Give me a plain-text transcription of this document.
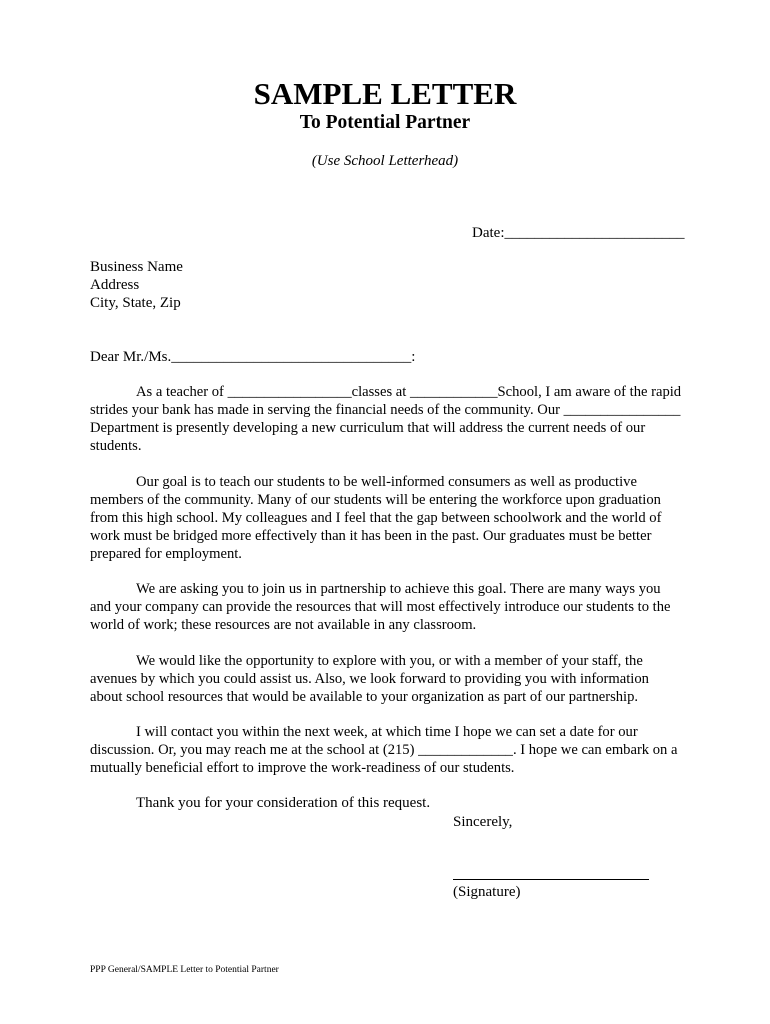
SAMPLE LETTER
To Potential Partner
(Use School Letterhead)
Date:________________________
Business Name
Address
City, State, Zip
Dear Mr./Ms.________________________________:

As a teacher of _________________classes at ____________School, I am aware of the rapid strides your bank has made in serving the financial needs of the community. Our ________________ Department is presently developing a new curriculum that will address the current needs of our students.

Our goal is to teach our students to be well-informed consumers as well as productive members of the community. Many of our students will be entering the workforce upon graduation from this high school. My colleagues and I feel that the gap between schoolwork and the world of work must be bridged more effectively than it has been in the past. Our graduates must be better prepared for employment.

We are asking you to join us in partnership to achieve this goal. There are many ways you and your company can provide the resources that will most effectively introduce our students to the world of work; these resources are not available in any classroom.

We would like the opportunity to explore with you, or with a member of your staff, the avenues by which you could assist us. Also, we look forward to providing you with information about school resources that would be available to your organization as part of our partnership.

I will contact you within the next week, at which time I hope we can set a date for our discussion. Or, you may reach me at the school at (215) _____________. I hope we can embark on a mutually beneficial effort to improve the work-readiness of our students.

Thank you for your consideration of this request.
Sincerely,
(Signature)
PPP General/SAMPLE Letter to Potential Partner
